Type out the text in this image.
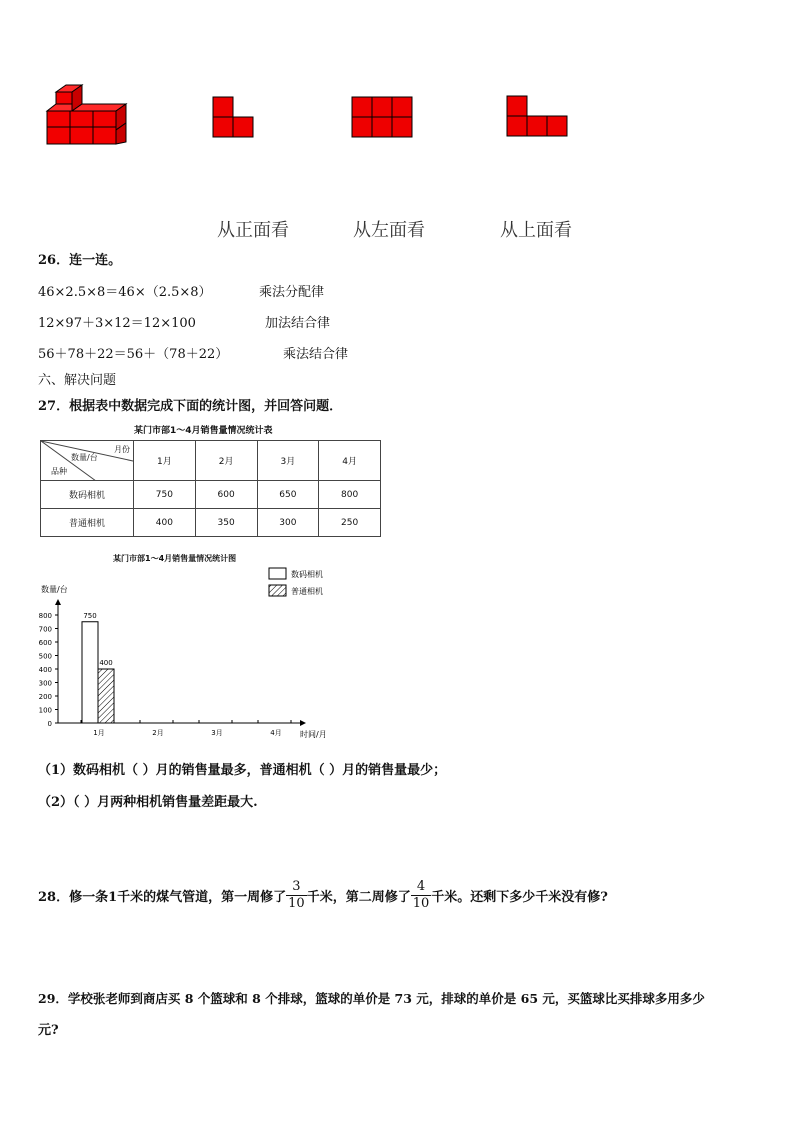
从正面看	从左面看	从上面看
26．连一连。
46×2.5×8＝46×（2.5×8）	乘法分配律
12×97＋3×12＝12×100	加法结合律
56＋78＋22＝56＋（78＋22）	乘法结合律
六、解决问题
27．根据表中数据完成下面的统计图，并回答问题．
某门市部1～4月销售量情况统计表
月份
数量/台
品种	1月	2月	3月	4月
数码相机	750	600	650	800
普通相机	400	350	300	250
某门市部1～4月销售量情况统计图
数码相机
普通相机
数量/台
时间/月
0
100
200
300
400
500
600
700
800
1月
750
400
2月	3月	4月
（1）数码相机（ ）月的销售量最多，普通相机（ ）月的销售量最少；
（2）（ ）月两种相机销售量差距最大.
28．修一条1千米的煤气管道，第一周修了 $\frac{3}{10}$ 千米，第二周修了 $\frac{4}{10}$ 千米。还剩下多少千米没有修?
29．学校张老师到商店买 8 个篮球和 8 个排球，篮球的单价是 73 元，排球的单价是 65 元，买篮球比买排球多用多少
元?
